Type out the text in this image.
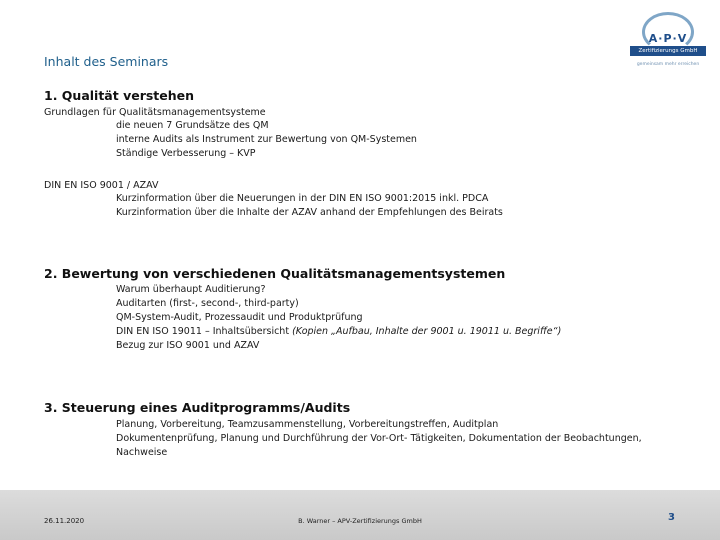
Inhalt des Seminars
A·P·V
Zertifizierungs GmbH
gemeinsam mehr erreichen
1. Qualität verstehen
Grundlagen für Qualitätsmanagementsysteme
die neuen 7 Grundsätze des QM
interne Audits als Instrument zur Bewertung von QM-Systemen
Ständige Verbesserung – KVP
DIN EN ISO 9001 / AZAV
Kurzinformation über die Neuerungen in der DIN EN ISO 9001:2015 inkl. PDCA
Kurzinformation über die Inhalte der AZAV anhand der Empfehlungen des Beirats
2. Bewertung von verschiedenen Qualitätsmanagementsystemen
Warum überhaupt Auditierung?
Auditarten (first-, second-, third-party)
QM-System-Audit, Prozessaudit und Produktprüfung
DIN EN ISO 19011 – Inhaltsübersicht (Kopien „Aufbau, Inhalte der 9001 u. 19011 u. Begriffe“)
Bezug zur ISO 9001 und AZAV
3. Steuerung eines Auditprogramms/Audits
Planung, Vorbereitung, Teamzusammenstellung, Vorbereitungstreffen, Auditplan
Dokumentenprüfung, Planung und Durchführung der Vor-Ort- Tätigkeiten, Dokumentation der Beobachtungen,
Nachweise
26.11.2020	B. Warner – APV-Zertifizierungs GmbH	3
